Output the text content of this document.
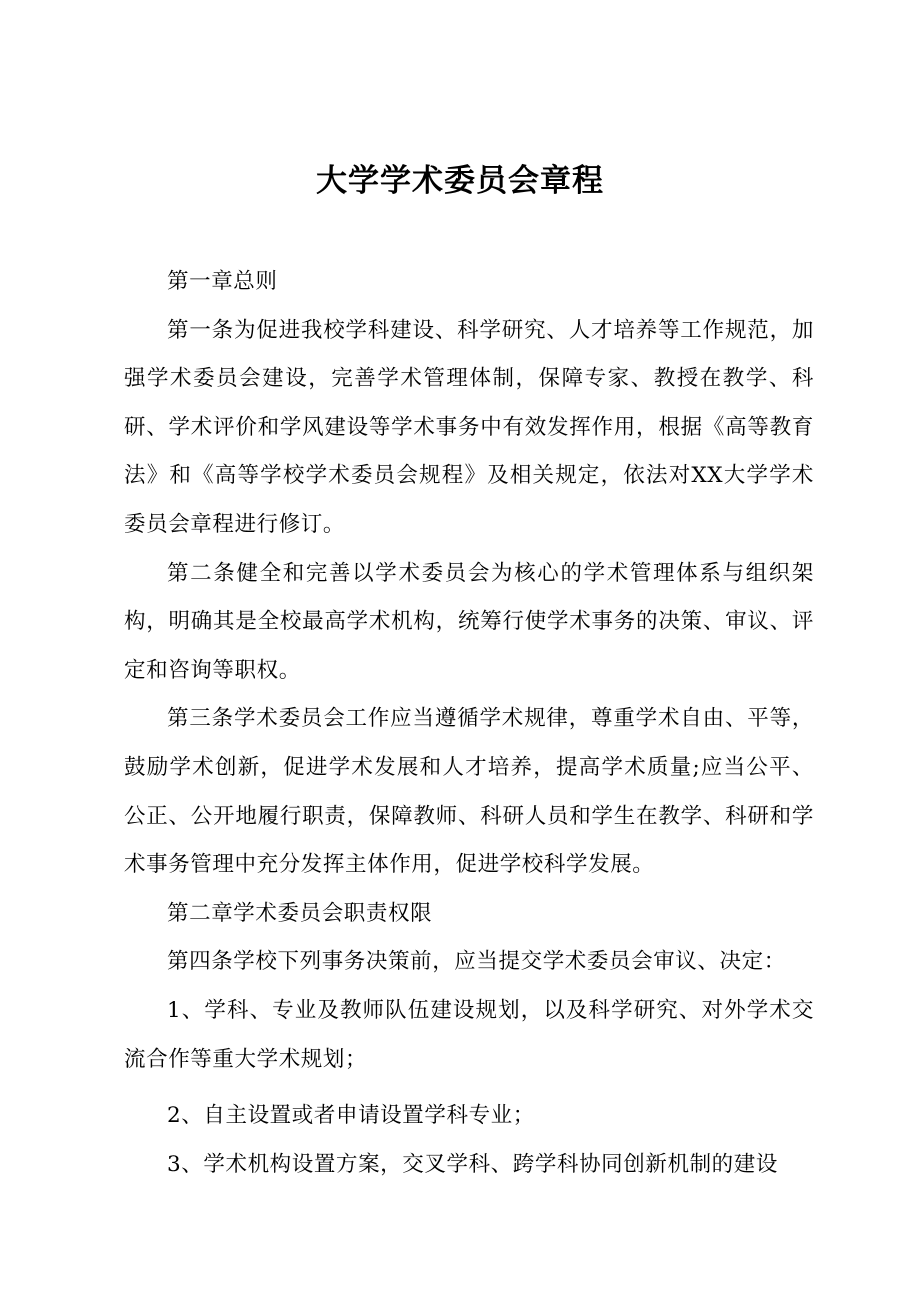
大学学术委员会章程

第一章总则

第一条为促进我校学科建设、科学研究、人才培养等工作规范，加强学术委员会建设，完善学术管理体制，保障专家、教授在教学、科研、学术评价和学风建设等学术事务中有效发挥作用，根据《高等教育法》和《高等学校学术委员会规程》及相关规定，依法对XX大学学术委员会章程进行修订。

第二条健全和完善以学术委员会为核心的学术管理体系与组织架构，明确其是全校最高学术机构，统筹行使学术事务的决策、审议、评定和咨询等职权。

第三条学术委员会工作应当遵循学术规律，尊重学术自由、平等，鼓励学术创新，促进学术发展和人才培养，提高学术质量;应当公平、公正、公开地履行职责，保障教师、科研人员和学生在教学、科研和学术事务管理中充分发挥主体作用，促进学校科学发展。

第二章学术委员会职责权限

第四条学校下列事务决策前，应当提交学术委员会审议、决定：

1、学科、专业及教师队伍建设规划，以及科学研究、对外学术交流合作等重大学术规划；

2、自主设置或者申请设置学科专业；

3、学术机构设置方案，交叉学科、跨学科协同创新机制的建设
